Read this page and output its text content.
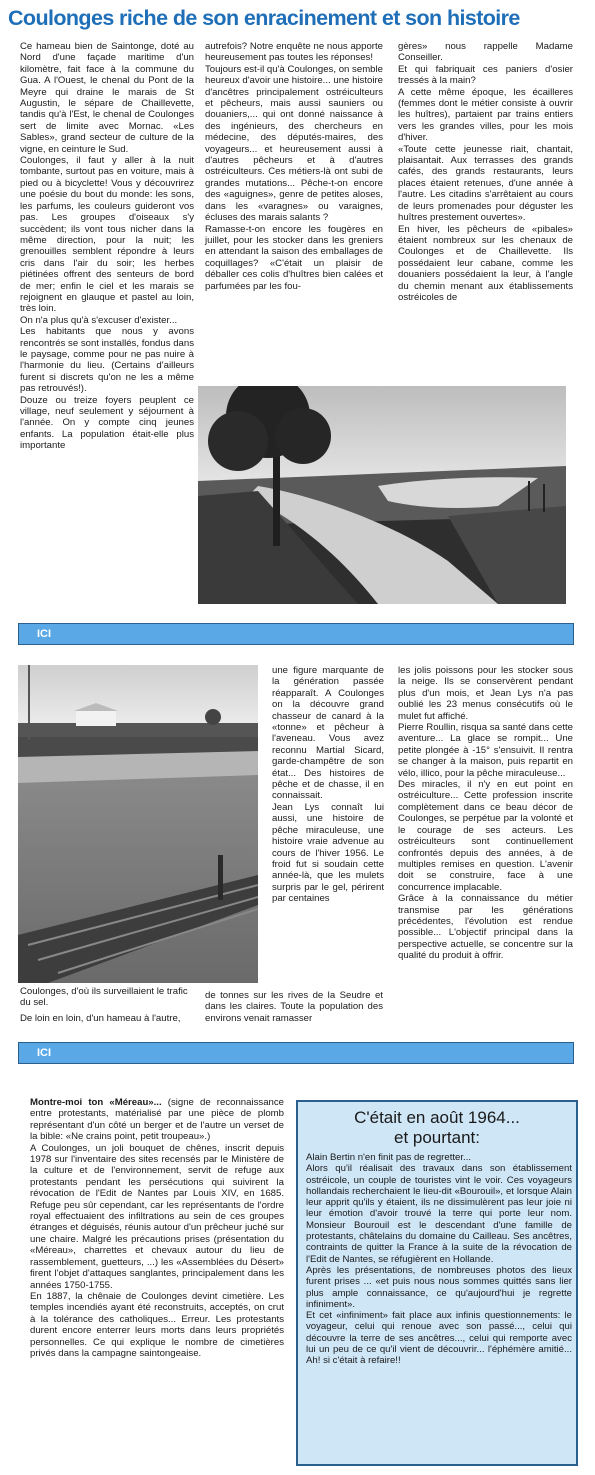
Coulonges riche de son enracinement et son histoire

Ce hameau bien de Saintonge, doté au Nord d'une façade maritime d'un kilomètre, fait face à la commune du Gua. A l'Ouest, le chenal du Pont de la Meyre qui draine le marais de St Augustin, le sépare de Chaillevette, tandis qu'à l'Est, le chenal de Coulonges sert de limite avec Mornac. «Les Sables», grand secteur de culture de la vigne, en ceinture le Sud.

Coulonges, il faut y aller à la nuit tombante, surtout pas en voiture, mais à pied ou à bicyclette! Vous y découvrirez une poésie du bout du monde: les sons, les parfums, les couleurs guideront vos pas. Les groupes d'oiseaux s'y succèdent; ils vont tous nicher dans la même direction, pour la nuit; les grenouilles semblent répondre à leurs cris dans l'air du soir; les herbes piétinées offrent des senteurs de bord de mer; enfin le ciel et les marais se rejoignent en glauque et pastel au loin, très loin.

On n'a plus qu'à s'excuser d'exister...

Les habitants que nous y avons rencontrés se sont installés, fondus dans le paysage, comme pour ne pas nuire à l'harmonie du lieu. (Certains d'ailleurs furent si discrets qu'on ne les a même pas retrouvés!).

Douze ou treize foyers peuplent ce village, neuf seulement y séjournent à l'année. On y compte cinq jeunes enfants. La population était-elle plus importante

autrefois? Notre enquête ne nous apporte heureusement pas toutes les réponses!

Toujours est-il qu'à Coulonges, on semble heureux d'avoir une histoire... une histoire d'ancêtres principalement ostréiculteurs et pêcheurs, mais aussi sauniers ou douaniers,... qui ont donné naissance à des ingénieurs, des chercheurs en médecine, des députés-maires, des voyageurs... et heureusement aussi à d'autres pêcheurs et à d'autres ostréiculteurs. Ces métiers-là ont subi de grandes mutations... Pêche-t-on encore des «aguignes», genre de petites aloses, dans les «varagnes» ou varaignes, écluses des marais salants ?

Ramasse-t-on encore les fougères en juillet, pour les stocker dans les greniers en attendant la saison des emballages de coquillages? «C'était un plaisir de déballer ces colis d'huîtres bien calées et parfumées par les fou-

gères» nous rappelle Madame Conseiller.

Et qui fabriquait ces paniers d'osier tressés à la main?

A cette même époque, les écailleres (femmes dont le métier consiste à ouvrir les huîtres), partaient par trains entiers vers les grandes villes, pour les mois d'hiver.

«Toute cette jeunesse riait, chantait, plaisantait. Aux terrasses des grands cafés, des grands restaurants, leurs places étaient retenues, d'une année à l'autre. Les citadins s'arrêtaient au cours de leurs promenades pour déguster les huîtres prestement ouvertes».

En hiver, les pêcheurs de «pibales» étaient nombreux sur les chenaux de Coulonges et de Chaillevette. Ils possédaient leur cabane, comme les douaniers possédaient la leur, à l'angle du chemin menant aux établissements ostréicoles de

ICI
Coulonges, d'où ils surveillaient le trafic du sel.
De loin en loin, d'un hameau à l'autre,

une figure marquante de la génération passée réapparaît. A Coulonges on la découvre grand chasseur de canard à la «tonne» et pêcheur à l'aveneau. Vous avez reconnu Martial Sicard, garde-champêtre de son état... Des histoires de pêche et de chasse, il en connaissait.

Jean Lys connaît lui aussi, une histoire de pêche miraculeuse, une histoire vraie advenue au cours de l'hiver 1956. Le froid fut si soudain cette année-là, que les mulets surpris par le gel, périrent par centaines

de tonnes sur les rives de la Seudre et dans les claires. Toute la population des environs venait ramasser

les jolis poissons pour les stocker sous la neige. Ils se conservèrent pendant plus d'un mois, et Jean Lys n'a pas oublié les 23 menus consécutifs où le mulet fut affiché.

Pierre Roullin, risqua sa santé dans cette aventure... La glace se rompit... Une petite plongée à -15° s'ensuivit. Il rentra se changer à la maison, puis repartit en vélo, illico, pour la pêche miraculeuse...

Des miracles, il n'y en eut point en ostréiculture... Cette profession inscrite complètement dans ce beau décor de Coulonges, se perpétue par la volonté et le courage de ses acteurs. Les ostréiculteurs sont continuellement confrontés depuis des années, à de multiples remises en question. L'avenir doit se construire, face à une concurrence implacable.

Grâce à la connaissance du métier transmise par les générations précédentes, l'évolution est rendue possible... L'objectif principal dans la perspective actuelle, se concentre sur la qualité du produit à offrir.

ICI

Montre-moi ton «Méreau»... (signe de reconnaissance entre protestants, matérialisé par une pièce de plomb représentant d'un côté un berger et de l'autre un verset de la bible: «Ne crains point, petit troupeau».)

A Coulonges, un joli bouquet de chênes, inscrit depuis 1978 sur l'inventaire des sites recensés par le Ministère de la culture et de l'environnement, servit de refuge aux protestants pendant les persécutions qui suivirent la révocation de l'Edit de Nantes par Louis XIV, en 1685. Refuge peu sûr cependant, car les représentants de l'ordre royal effectuaient des infiltrations au sein de ces groupes étranges et déguisés, réunis autour d'un prêcheur juché sur une chaire. Malgré les précautions prises (présentation du «Méreau», charrettes et chevaux autour du lieu de rassemblement, guetteurs, ...) les «Assemblées du Désert» firent l'objet d'attaques sanglantes, principalement dans les années 1750-1755.

En 1887, la chênaie de Coulonges devint cimetière. Les temples incendiés ayant été reconstruits, acceptés, on crut à la tolérance des catholiques... Erreur. Les protestants durent encore enterrer leurs morts dans leurs propriétés personnelles. Ce qui explique le nombre de cimetières privés dans la campagne saintongeaise.

C'était en août 1964...
et pourtant:

Alain Bertin n'en finit pas de regretter...

Alors qu'il réalisait des travaux dans son établissement ostréicole, un couple de touristes vint le voir. Ces voyageurs hollandais recherchaient le lieu-dit «Bourouil», et lorsque Alain leur apprit qu'ils y étaient, ils ne dissimulèrent pas leur joie ni leur émotion d'avoir trouvé la terre qui porte leur nom. Monsieur Bourouil est le descendant d'une famille de protestants, châtelains du domaine du Cailleau. Ses ancêtres, contraints de quitter la France à la suite de la révocation de l'Edit de Nantes, se réfugièrent en Hollande.

Après les présentations, de nombreuses photos des lieux furent prises ... «et puis nous nous sommes quittés sans lier plus ample connaissance, ce qu'aujourd'hui je regrette infiniment».

Et cet «infiniment» fait place aux infinis questionnements: le voyageur, celui qui renoue avec son passé..., celui qui découvre la terre de ses ancêtres..., celui qui remporte avec lui un peu de ce qu'il vient de découvrir... l'éphémère amitié... Ah! si c'était à refaire!!
